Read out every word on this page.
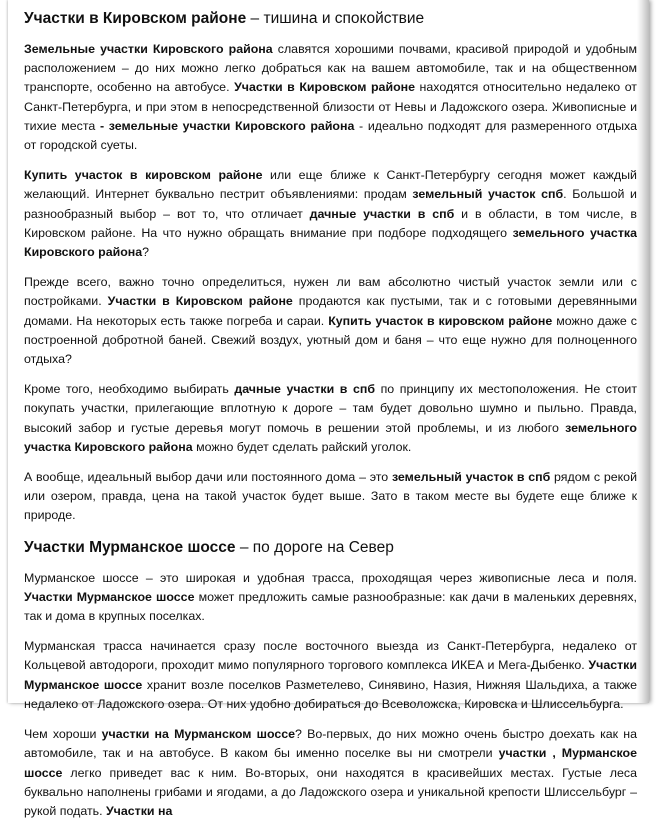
Участки в Кировском районе – тишина и спокойствие

Земельные участки Кировского района славятся хорошими почвами, красивой природой и удобным расположением – до них можно легко добраться как на вашем автомобиле, так и на общественном транспорте, особенно на автобусе. Участки в Кировском районе находятся относительно недалеко от Санкт-Петербурга, и при этом в непосредственной близости от Невы и Ладожского озера. Живописные и тихие места - земельные участки Кировского района - идеально подходят для размеренного отдыха от городской суеты.

Купить участок в кировском районе или еще ближе к Санкт-Петербургу сегодня может каждый желающий. Интернет буквально пестрит объявлениями: продам земельный участок спб. Большой и разнообразный выбор – вот то, что отличает дачные участки в спб и в области, в том числе, в Кировском районе. На что нужно обращать внимание при подборе подходящего земельного участка Кировского района?

Прежде всего, важно точно определиться, нужен ли вам абсолютно чистый участок земли или с постройками. Участки в Кировском районе продаются как пустыми, так и с готовыми деревянными домами. На некоторых есть также погреба и сараи. Купить участок в кировском районе можно даже с построенной добротной баней. Свежий воздух, уютный дом и баня – что еще нужно для полноценного отдыха?

Кроме того, необходимо выбирать дачные участки в спб по принципу их местоположения. Не стоит покупать участки, прилегающие вплотную к дороге – там будет довольно шумно и пыльно. Правда, высокий забор и густые деревья могут помочь в решении этой проблемы, и из любого земельного участка Кировского района можно будет сделать райский уголок.

А вообще, идеальный выбор дачи или постоянного дома – это земельный участок в спб рядом с рекой или озером, правда, цена на такой участок будет выше. Зато в таком месте вы будете еще ближе к природе.

Участки Мурманское шоссе – по дороге на Север

Мурманское шоссе – это широкая и удобная трасса, проходящая через живописные леса и поля. Участки Мурманское шоссе может предложить самые разнообразные: как дачи в маленьких деревнях, так и дома в крупных поселках.

Мурманская трасса начинается сразу после восточного выезда из Санкт-Петербурга, недалеко от Кольцевой автодороги, проходит мимо популярного торгового комплекса ИКЕА и Мега-Дыбенко. Участки Мурманское шоссе хранит возле поселков Разметелево, Синявино, Назия, Нижняя Шальдиха, а также недалеко от Ладожского озера. От них удобно добираться до Всеволожска, Кировска и Шлиссельбурга.

Чем хороши участки на Мурманском шоссе? Во-первых, до них можно очень быстро доехать как на автомобиле, так и на автобусе. В каком бы именно поселке вы ни смотрели участки , Мурманское шоссе легко приведет вас к ним. Во-вторых, они находятся в красивейших местах. Густые леса буквально наполнены грибами и ягодами, а до Ладожского озера и уникальной крепости Шлиссельбург – рукой подать. Участки на
